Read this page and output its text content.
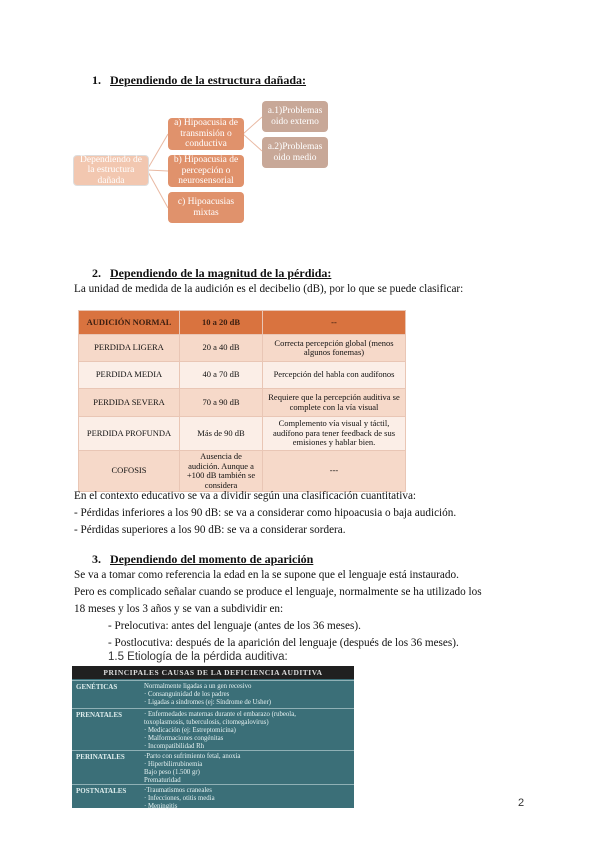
1. Dependiendo de la estructura dañada:
Dependiendo de la estructura dañada
a) Hipoacusia de transmisión o conductiva
b) Hipoacusia de percepción o neurosensorial
c) Hipoacusias mixtas
a.1)Problemas oido externo
a.2)Problemas oido medio
2. Dependiendo de la magnitud de la pérdida:
La unidad de medida de la audición es el decibelio (dB), por lo que se puede clasificar:
AUDICIÓN NORMAL	10 a 20 dB	--
PERDIDA LIGERA	20 a 40 dB	Correcta percepción global (menos algunos fonemas)
PERDIDA MEDIA	40 a 70 dB	Percepción del habla con audífonos
PERDIDA SEVERA	70 a 90 dB	Requiere que la percepción auditiva se complete con la vía visual
PERDIDA PROFUNDA	Más de 90 dB	Complemento vía visual y táctil, audífono para tener feedback de sus emisiones y hablar bien.
COFOSIS	Ausencia de audición. Aunque a +100 dB también se considera	---
En el contexto educativo se va a dividir según una clasificación cuantitativa:
- Pérdidas inferiores a los 90 dB: se va a considerar como hipoacusia o baja audición.
- Pérdidas superiores a los 90 dB: se va a considerar sordera.
3. Dependiendo del momento de aparición
Se va a tomar como referencia la edad en la se supone que el lenguaje está instaurado.
Pero es complicado señalar cuando se produce el lenguaje, normalmente se ha utilizado los
18 meses y los 3 años y se van a subdividir en:
- Prelocutiva: antes del lenguaje (antes de los 36 meses).
- Postlocutiva: después de la aparición del lenguaje (después de los 36 meses).
1.5 Etiología de la pérdida auditiva:
PRINCIPALES CAUSAS DE LA DEFICIENCIA AUDITIVA
GENÉTICAS	Normalmente ligadas a un gen recesivo
· Consanguinidad de los padres
· Ligadas a síndromes (ej: Síndrome de Usher)
PRENATALES	· Enfermedades maternas durante el embarazo (rubeola,
toxoplasmosis, tuberculosis, citomegalovirus)
· Medicación (ej: Estreptomicina)
· Malformaciones congénitas
· Incompatibilidad Rh
PERINATALES	·Parto con sufrimiento fetal, anoxia
· Hiperbilirrubinemia
Bajo peso (1.500 gr)
Prematuridad
POSTNATALES	·Traumatismos craneales
· Infecciones, otitis media
· Meningitis	2
